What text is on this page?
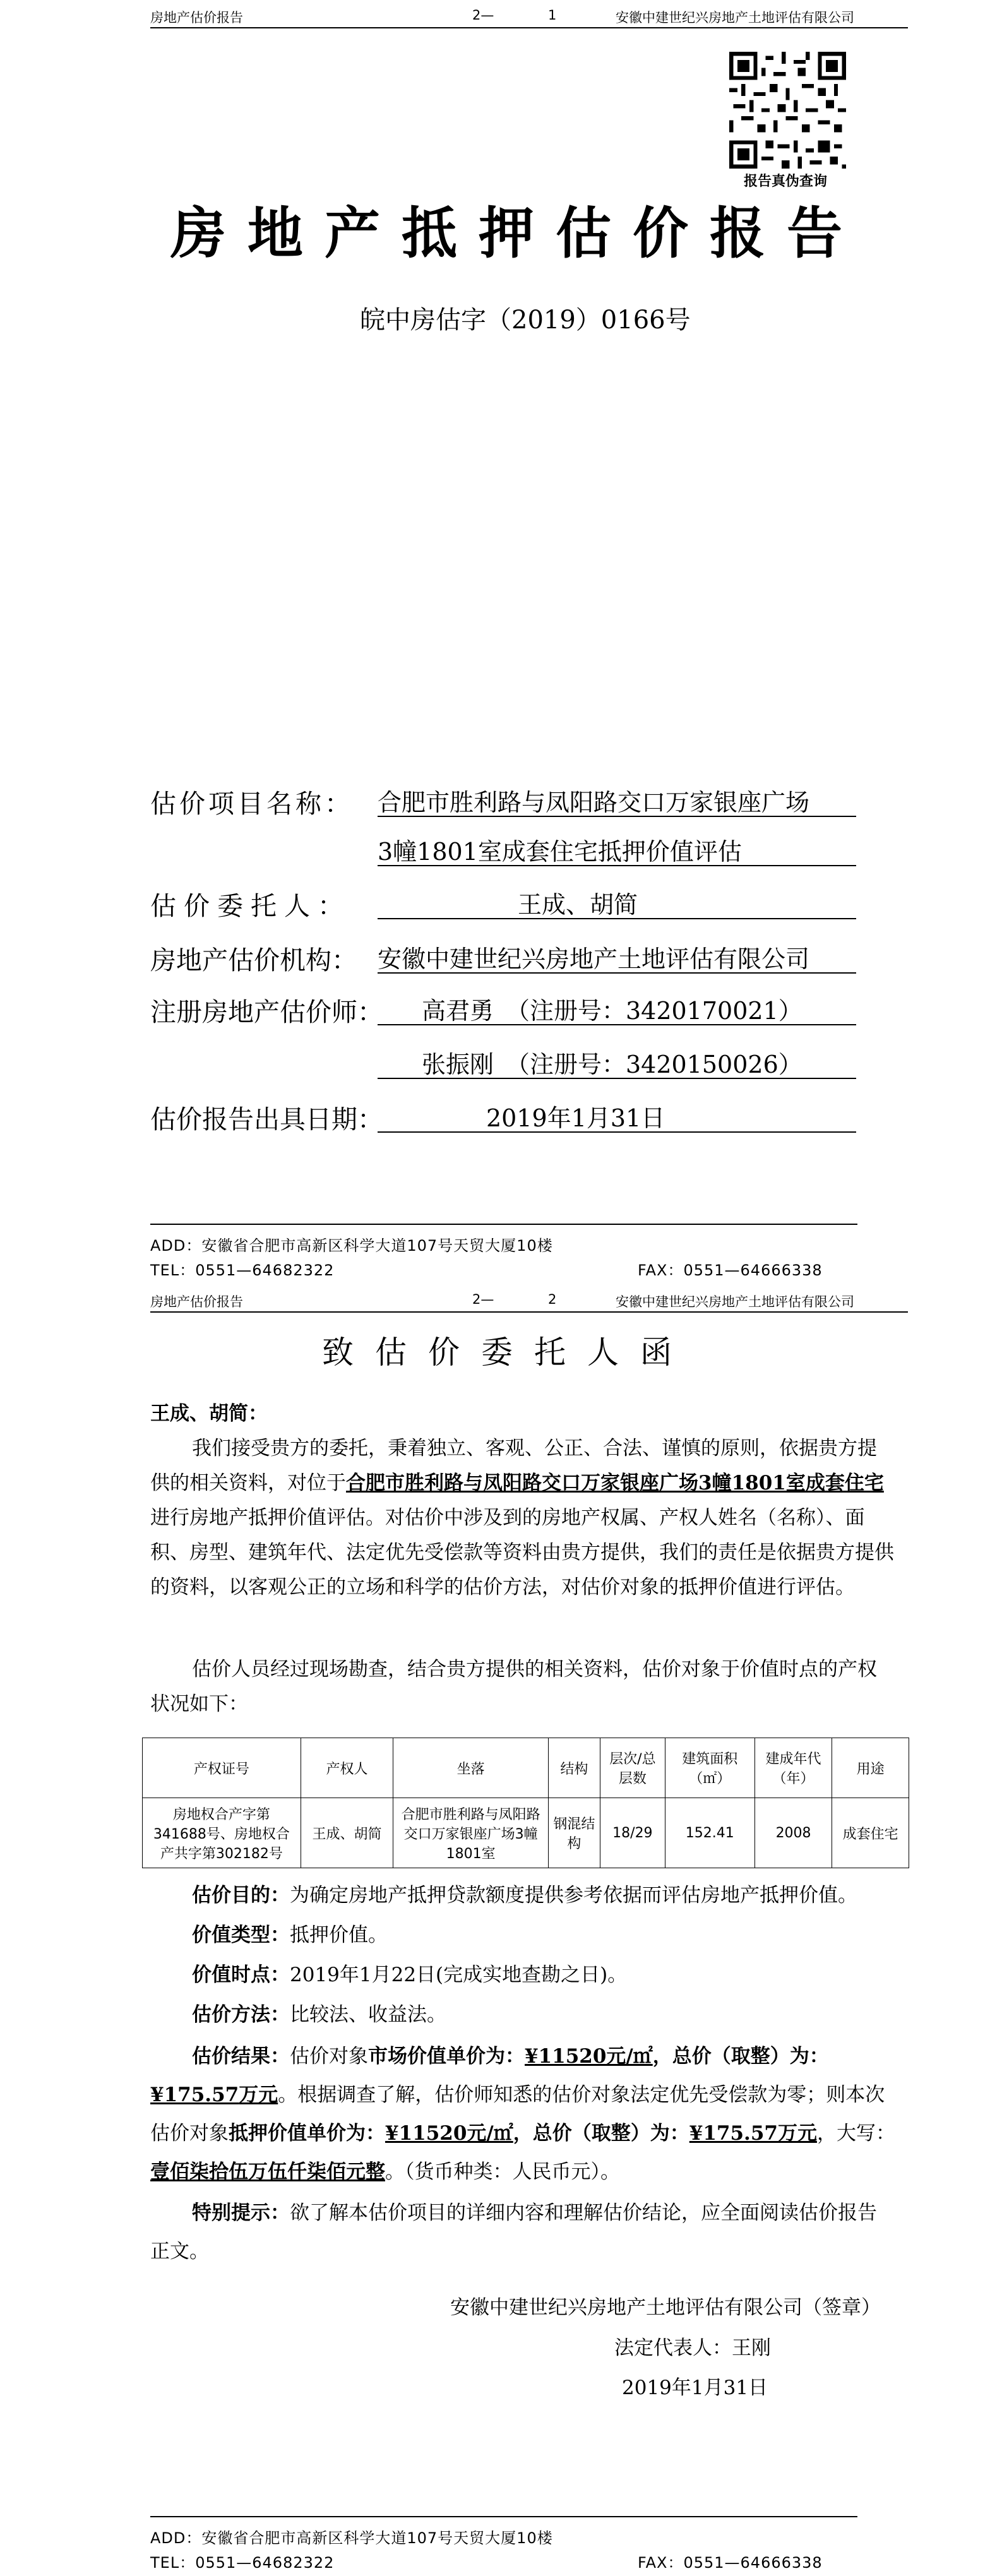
房地产估价报告	2—	1	安徽中建世纪兴房地产土地评估有限公司
报告真伪查询
房地产抵押估价报告
皖中房估字（2019）0166号
估价项目名称： 合肥市胜利路与凤阳路交口万家银座广场
3幢1801室成套住宅抵押价值评估
估价委托人：	王成、胡简
房地产估价机构： 安徽中建世纪兴房地产土地评估有限公司
注册房地产估价师： 高君勇　（注册号：3420170021）
张振刚　（注册号：3420150026）
估价报告出具日期：	2019年1月31日
ADD：安徽省合肥市高新区科学大道107号天贸大厦10楼
TEL：0551—64682322	FAX：0551—64666338
房地产估价报告	2—	2	安徽中建世纪兴房地产土地评估有限公司
致估价委托人函
王成、胡简：
我们接受贵方的委托，秉着独立、客观、公正、合法、谨慎的原则，依据贵方提供的相关资料，对位于合肥市胜利路与凤阳路交口万家银座广场3幢1801室成套住宅进行房地产抵押价值评估。对估价中涉及到的房地产权属、产权人姓名（名称）、面积、房型、建筑年代、法定优先受偿款等资料由贵方提供，我们的责任是依据贵方提供的资料，以客观公正的立场和科学的估价方法，对估价对象的抵押价值进行评估。
估价人员经过现场勘查，结合贵方提供的相关资料，估价对象于价值时点的产权状况如下：
产权证号	产权人	坐落	结构	层次/总层数	建筑面积（㎡）	建成年代（年）	用途
房地权合产字第341688号、房地权合产共字第302182号	王成、胡简	合肥市胜利路与凤阳路交口万家银座广场3幢1801室	钢混结构	18/29	152.41	2008	成套住宅
估价目的：为确定房地产抵押贷款额度提供参考依据而评估房地产抵押价值。
价值类型：抵押价值。
价值时点：2019年1月22日(完成实地查勘之日)。
估价方法：比较法、收益法。
估价结果：估价对象市场价值单价为：¥11520元/㎡，总价（取整）为：¥175.57万元。根据调查了解，估价师知悉的估价对象法定优先受偿款为零；则本次估价对象抵押价值单价为：¥11520元/㎡，总价（取整）为：¥175.57万元，大写：壹佰柒拾伍万伍仟柒佰元整。（货币种类：人民币元）。
特别提示：欲了解本估价项目的详细内容和理解估价结论，应全面阅读估价报告正文。
安徽中建世纪兴房地产土地评估有限公司（签章）
法定代表人：王刚
2019年1月31日
ADD：安徽省合肥市高新区科学大道107号天贸大厦10楼
TEL：0551—64682322	FAX：0551—64666338
